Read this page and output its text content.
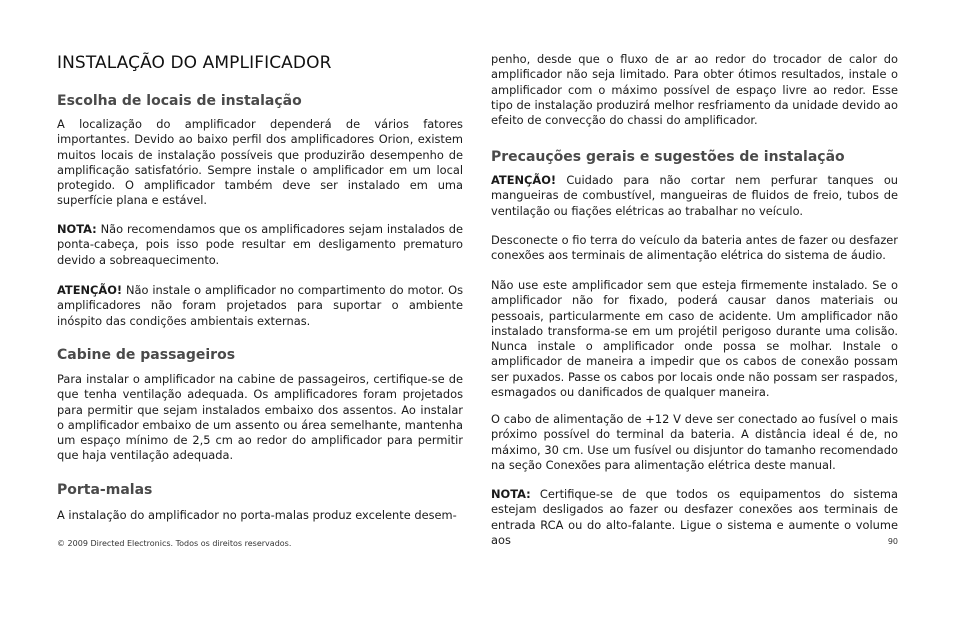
INSTALAÇÃO DO AMPLIFICADOR
Escolha de locais de instalação

A localização do amplificador dependerá de vários fatores importantes. Devido ao baixo perfil dos amplificadores Orion, existem muitos locais de instalação possíveis que produzirão desempenho de amplificação satisfatório. Sempre instale o amplificador em um local protegido. O amplificador também deve ser instalado em uma superfície plana e estável.

NOTA: Não recomendamos que os amplificadores sejam instalados de ponta-cabeça, pois isso pode resultar em desligamento prematuro devido a sobreaquecimento.

ATENÇÃO! Não instale o amplificador no compartimento do motor. Os amplificadores não foram projetados para suportar o ambiente inóspito das condições ambientais externas.

Cabine de passageiros

Para instalar o amplificador na cabine de passageiros, certifique-se de que tenha ventilação adequada. Os amplificadores foram projetados para permitir que sejam instalados embaixo dos assentos. Ao instalar o amplificador embaixo de um assento ou área semelhante, mantenha um espaço mínimo de 2,5 cm ao redor do amplificador para permitir que haja ventilação adequada.

Porta-malas

A instalação do amplificador no porta-malas produz excelente desem-

penho, desde que o fluxo de ar ao redor do trocador de calor do amplificador não seja limitado. Para obter ótimos resultados, instale o amplificador com o máximo possível de espaço livre ao redor. Esse tipo de instalação produzirá melhor resfriamento da unidade devido ao efeito de convecção do chassi do amplificador.

Precauções gerais e sugestões de instalação

ATENÇÃO! Cuidado para não cortar nem perfurar tanques ou mangueiras de combustível, mangueiras de fluidos de freio, tubos de ventilação ou fiações elétricas ao trabalhar no veículo.

Desconecte o fio terra do veículo da bateria antes de fazer ou desfazer conexões aos terminais de alimentação elétrica do sistema de áudio.

Não use este amplificador sem que esteja firmemente instalado. Se o amplificador não for fixado, poderá causar danos materiais ou pessoais, particularmente em caso de acidente. Um amplificador não instalado transforma-se em um projétil perigoso durante uma colisão. Nunca instale o amplificador onde possa se molhar. Instale o amplificador de maneira a impedir que os cabos de conexão possam ser puxados. Passe os cabos por locais onde não possam ser raspados, esmagados ou danificados de qualquer maneira.

O cabo de alimentação de +12 V deve ser conectado ao fusível o mais próximo possível do terminal da bateria. A distância ideal é de, no máximo, 30 cm. Use um fusível ou disjuntor do tamanho recomendado na seção Conexões para alimentação elétrica deste manual.

NOTA: Certifique-se de que todos os equipamentos do sistema estejam desligados ao fazer ou desfazer conexões aos terminais de entrada RCA ou do alto-falante. Ligue o sistema e aumente o volume aos

© 2009 Directed Electronics. Todos os direitos reservados.	90
